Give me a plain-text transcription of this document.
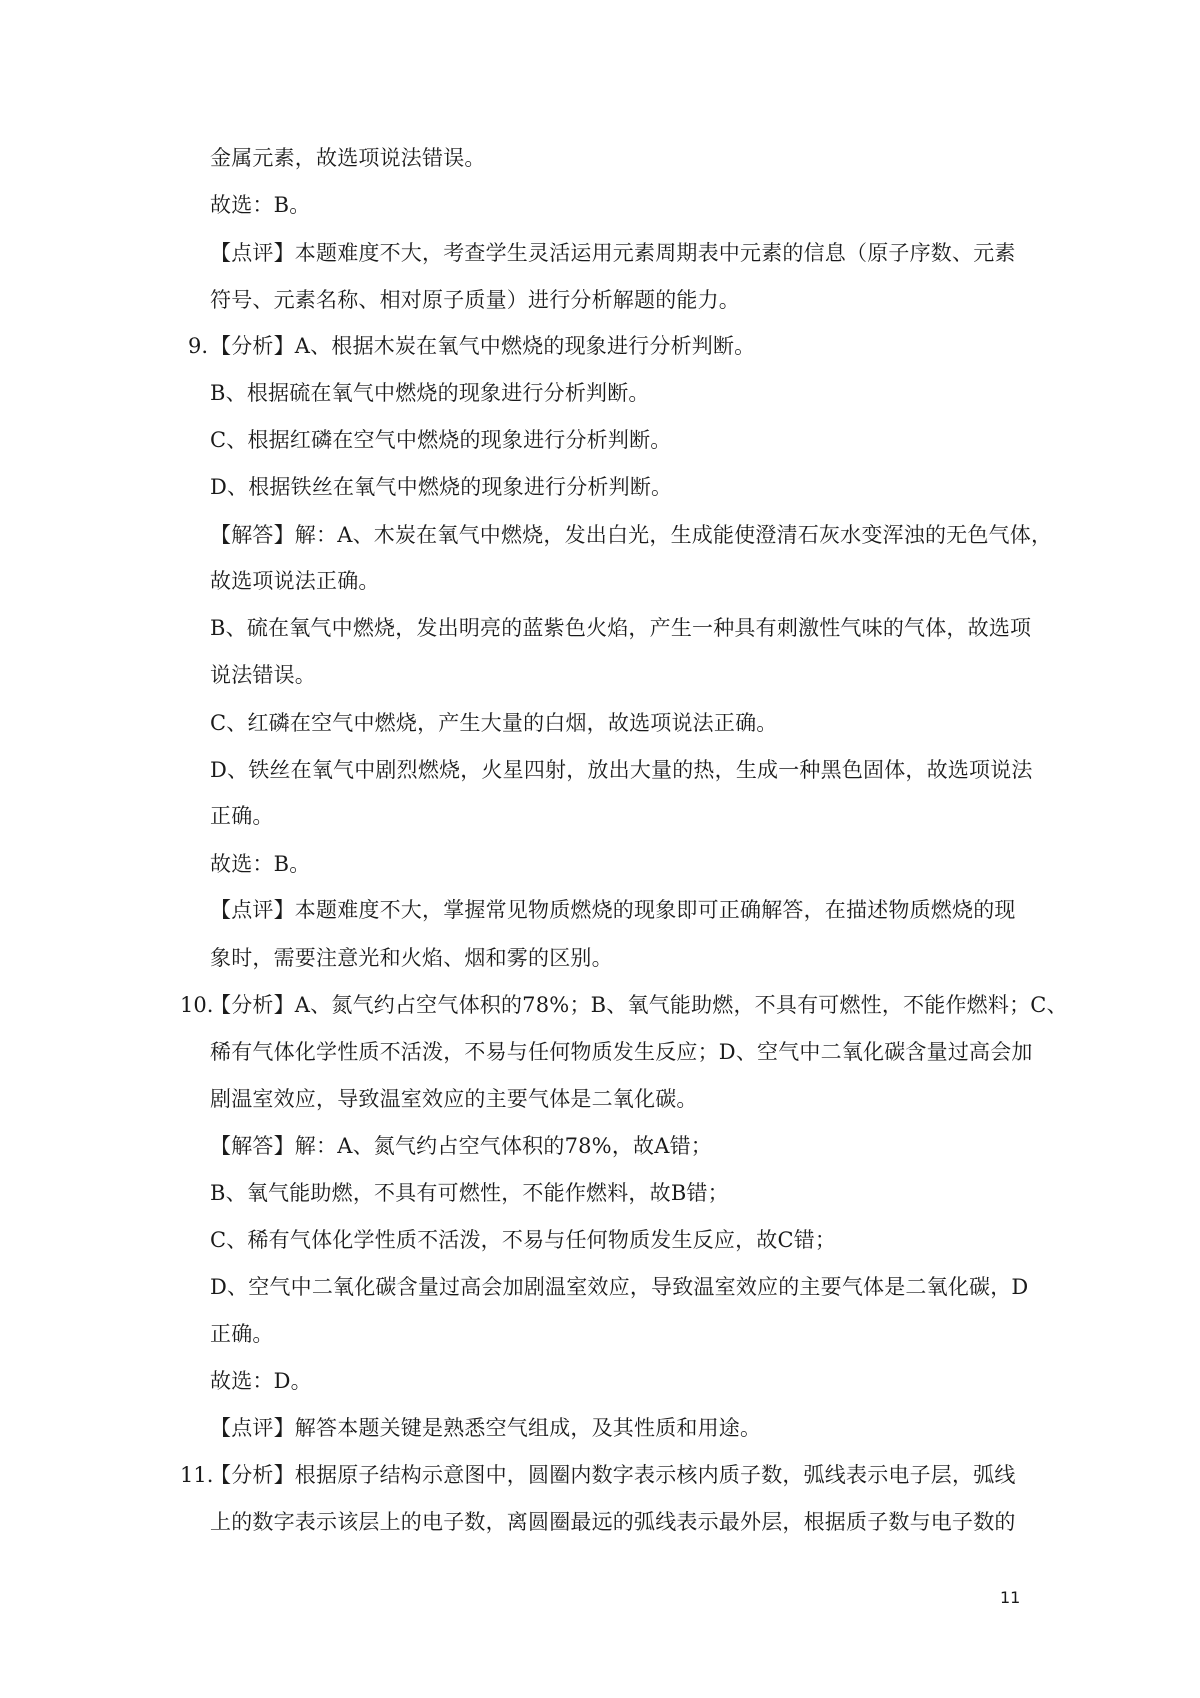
金属元素，故选项说法错误。
故选：B。
【点评】本题难度不大，考查学生灵活运用元素周期表中元素的信息（原子序数、元素
符号、元素名称、相对原子质量）进行分析解题的能力。
9. 【分析】A、根据木炭在氧气中燃烧的现象进行分析判断。
B、根据硫在氧气中燃烧的现象进行分析判断。
C、根据红磷在空气中燃烧的现象进行分析判断。
D、根据铁丝在氧气中燃烧的现象进行分析判断。
【解答】解：A、木炭在氧气中燃烧，发出白光，生成能使澄清石灰水变浑浊的无色气体，
故选项说法正确。
B、硫在氧气中燃烧，发出明亮的蓝紫色火焰，产生一种具有刺激性气味的气体，故选项
说法错误。
C、红磷在空气中燃烧，产生大量的白烟，故选项说法正确。
D、铁丝在氧气中剧烈燃烧，火星四射，放出大量的热，生成一种黑色固体，故选项说法
正确。
故选：B。
【点评】本题难度不大，掌握常见物质燃烧的现象即可正确解答，在描述物质燃烧的现
象时，需要注意光和火焰、烟和雾的区别。
10.
【分析】A、氮气约占空气体积的78%；B、氧气能助燃，不具有可燃性，不能作燃料；C、
稀有气体化学性质不活泼，不易与任何物质发生反应；D、空气中二氧化碳含量过高会加
剧温室效应，导致温室效应的主要气体是二氧化碳。
【解答】解：A、氮气约占空气体积的78%，故A错；
B、氧气能助燃，不具有可燃性，不能作燃料，故B错；
C、稀有气体化学性质不活泼，不易与任何物质发生反应，故C错；
D、空气中二氧化碳含量过高会加剧温室效应，导致温室效应的主要气体是二氧化碳，D
正确。
故选：D。
【点评】解答本题关键是熟悉空气组成，及其性质和用途。
11.
【分析】根据原子结构示意图中，圆圈内数字表示核内质子数，弧线表示电子层，弧线
上的数字表示该层上的电子数，离圆圈最远的弧线表示最外层，根据质子数与电子数的
11
